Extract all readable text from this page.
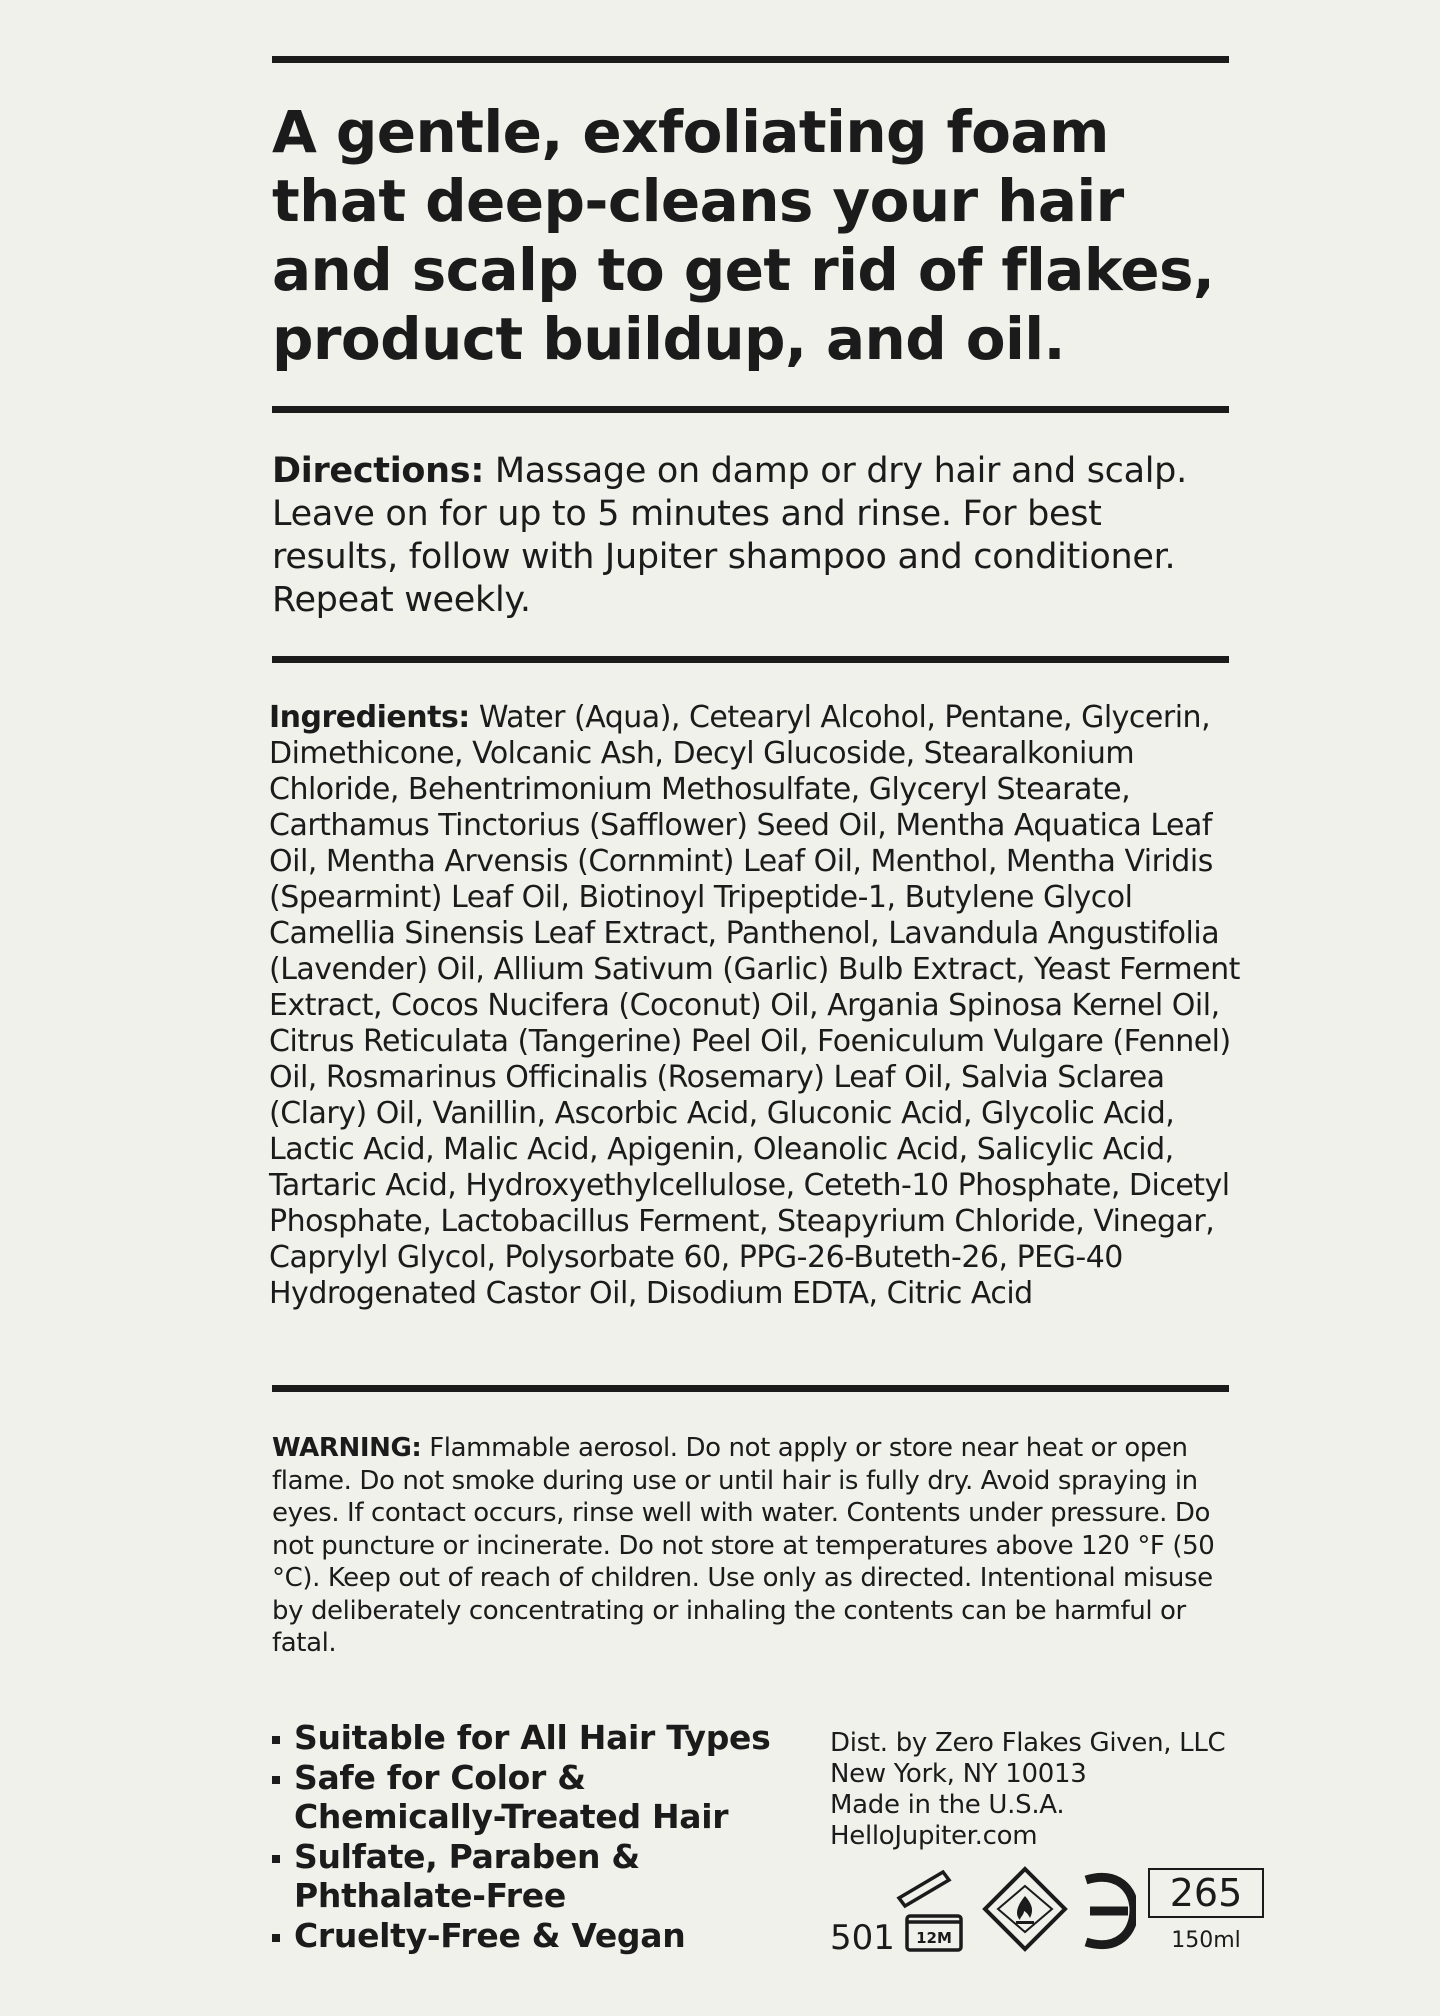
A gentle, exfoliating foam that deep-cleans your hair and scalp to get rid of flakes, product buildup, and oil.

Directions: Massage on damp or dry hair and scalp. Leave on for up to 5 minutes and rinse. For best results, follow with Jupiter shampoo and conditioner. Repeat weekly.

Ingredients: Water (Aqua), Cetearyl Alcohol, Pentane, Glycerin, Dimethicone, Volcanic Ash, Decyl Glucoside, Stearalkonium Chloride, Behentrimonium Methosulfate, Glyceryl Stearate, Carthamus Tinctorius (Safflower) Seed Oil, Mentha Aquatica Leaf Oil, Mentha Arvensis (Cornmint) Leaf Oil, Menthol, Mentha Viridis (Spearmint) Leaf Oil, Biotinoyl Tripeptide-1, Butylene Glycol Camellia Sinensis Leaf Extract, Panthenol, Lavandula Angustifolia (Lavender) Oil, Allium Sativum (Garlic) Bulb Extract, Yeast Ferment Extract, Cocos Nucifera (Coconut) Oil, Argania Spinosa Kernel Oil, Citrus Reticulata (Tangerine) Peel Oil, Foeniculum Vulgare (Fennel) Oil, Rosmarinus Officinalis (Rosemary) Leaf Oil, Salvia Sclarea (Clary) Oil, Vanillin, Ascorbic Acid, Gluconic Acid, Glycolic Acid, Lactic Acid, Malic Acid, Apigenin, Oleanolic Acid, Salicylic Acid, Tartaric Acid, Hydroxyethylcellulose, Ceteth-10 Phosphate, Dicetyl Phosphate, Lactobacillus Ferment, Steapyrium Chloride, Vinegar, Caprylyl Glycol, Polysorbate 60, PPG-26-Buteth-26, PEG-40 Hydrogenated Castor Oil, Disodium EDTA, Citric Acid

WARNING: Flammable aerosol. Do not apply or store near heat or open flame. Do not smoke during use or until hair is fully dry. Avoid spraying in eyes. If contact occurs, rinse well with water. Contents under pressure. Do not puncture or incinerate. Do not store at temperatures above 120 °F (50 °C). Keep out of reach of children. Use only as directed. Intentional misuse by deliberately concentrating or inhaling the contents can be harmful or fatal.

Suitable for All Hair Types
Safe for Color & Chemically-Treated Hair
Sulfate, Paraben & Phthalate-Free
Cruelty-Free & Vegan
Dist. by Zero Flakes Given, LLC
New York, NY 10013
Made in the U.S.A.
HelloJupiter.com
501 12M
265
150ml
